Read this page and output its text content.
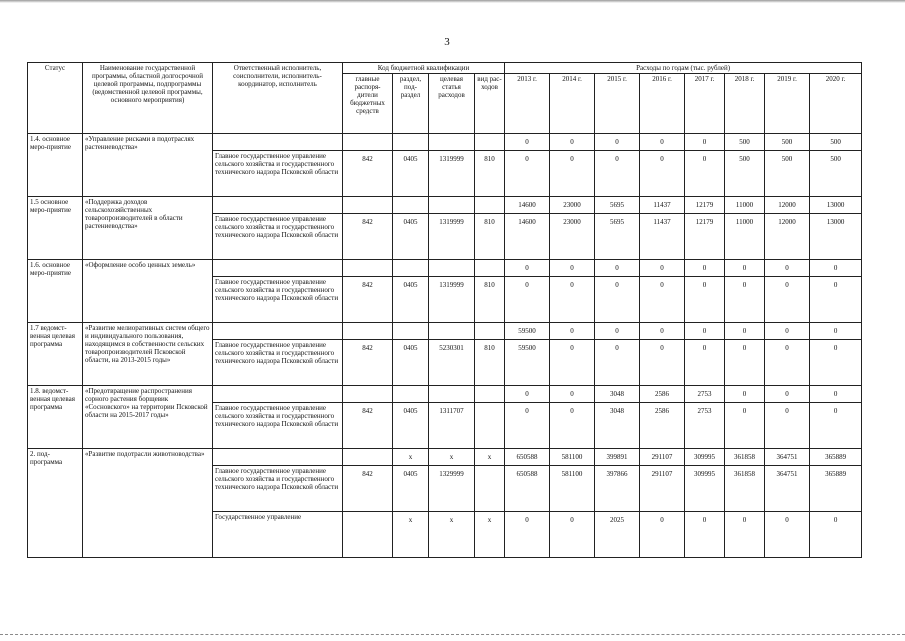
3
Статус	Наименование государственной программы, областной долгосрочной целевой программы, подпрограммы (ведомственной целевой программы, основного мероприятия)	Ответственный исполнитель, соисполнители, исполнитель-координатор, исполнитель	Код бюджетной квалификации				Расходы по годам (тыс. рублей)							
			главные распоря-дители бюджетных средств	раздел, под-раздел	целевая статья расходов	вид рас-ходов	2013 г.	2014 г.	2015 г.	2016 г.	2017 г.	2018 г.	2019 г.	2020 г.
1.4. основное меро-приятие	«Управление рисками в подотраслях растениеводства»						0	0	0	0	0	500	500	500
		Главное государственное управление сельского хозяйства и государственного технического надзора Псковской области	842	0405	1319999	810	0	0	0	0	0	500	500	500
1.5 основное меро-приятие	«Поддержка доходов сельскохозяйственных товаропроизводителей в области растениеводства»						14600	23000	5695	11437	12179	11000	12000	13000
		Главное государственное управление сельского хозяйства и государственного технического надзора Псковской области	842	0405	1319999	810	14600	23000	5695	11437	12179	11000	12000	13000
1.6. основное меро-приятие	«Оформление особо ценных земель»						0	0	0	0	0	0	0	0
		Главное государственное управление сельского хозяйства и государственного технического надзора Псковской области	842	0405	1319999	810	0	0	0	0	0	0	0	0
1.7 ведомст-венная целевая программа	«Развитие мелиоративных систем общего и индивидуального пользования, находящимся в собственности сельских товаропроизводителей Псковской области, на 2013-2015 годы»						59500	0	0	0	0	0	0	0
		Главное государственное управление сельского хозяйства и государственного технического надзора Псковской области	842	0405	5230301	810	59500	0	0	0	0	0	0	0
1.8. ведомст-венная целевая программа	«Предотвращение распространения сорного растения борщевик «Сосновского» на территории Псковской области на 2015-2017 годы»						0	0	3048	2586	2753	0	0	0
		Главное государственное управление сельского хозяйства и государственного технического надзора Псковской области	842	0405	1311707		0	0	3048	2586	2753	0	0	0
2. под-программа	«Развитие подотрасли животноводства»			х	х	х	650588	581100	399891	291107	309995	361858	364751	365889
		Главное государственное управление сельского хозяйства и государственного технического надзора Псковской области	842	0405	1329999		650588	581100	397866	291107	309995	361858	364751	365889
		Государственное управление		х	х	х	0	0	2025	0	0	0	0	0
